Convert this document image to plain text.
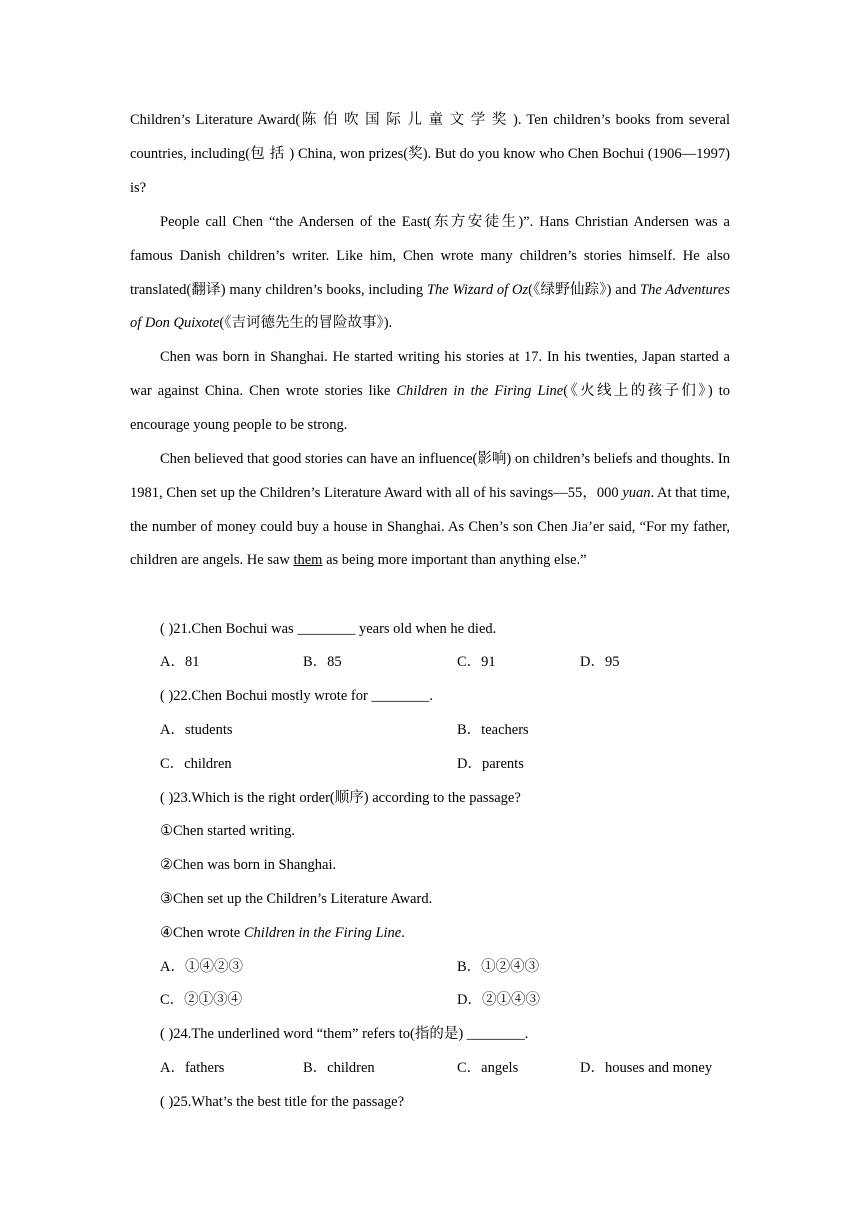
Children’s Literature Award(陈伯吹国际儿童文学奖). Ten children’s books from several countries, including(包括) China, won prizes(奖). But do you know who Chen Bochui (1906—1997) is?

People call Chen “the Andersen of the East(东方安徒生)”. Hans Christian Andersen was a famous Danish children’s writer. Like him, Chen wrote many children’s stories himself. He also translated(翻译) many children’s books, including The Wizard of Oz(《绿野仙踪》) and The Adventures of Don Quixote(《吉诃德先生的冒险故事》).

Chen was born in Shanghai. He started writing his stories at 17. In his twenties, Japan started a war against China. Chen wrote stories like Children in the Firing Line(《火线上的孩子们》) to encourage young people to be strong.

Chen believed that good stories can have an influence(影响) on children’s beliefs and thoughts. In 1981, Chen set up the Children’s Literature Award with all of his savings—55，000 yuan. At that time, the number of money could buy a house in Shanghai. As Chen’s son Chen Jia’er said, “For my father, children are angels. He saw them as being more important than anything else.”

( )21.Chen Bochui was ________ years old when he died.
A．81	B．85	C．91	D．95
( )22.Chen Bochui mostly wrote for ________.
A．students	B．teachers
C．children	D．parents
( )23.Which is the right order(顺序) according to the passage?
①Chen started writing.
②Chen was born in Shanghai.
③Chen set up the Children’s Literature Award.
④Chen wrote Children in the Firing Line.
A．①④②③	B．①②④③
C．②①③④	D．②①④③
( )24.The underlined word “them” refers to(指的是) ________.
A．fathers	B．children	C．angels	D．houses and money
( )25.What’s the best title for the passage?
